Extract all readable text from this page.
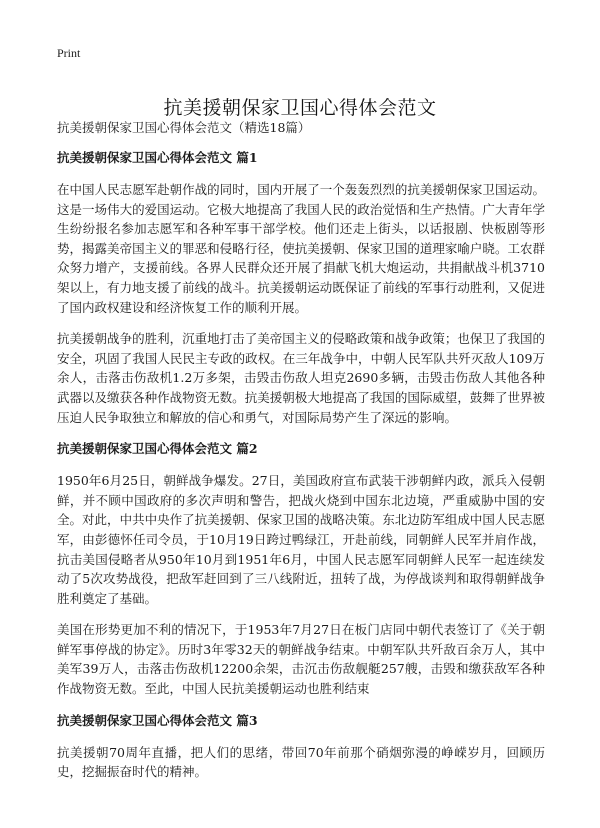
Print
抗美援朝保家卫国心得体会范文

抗美援朝保家卫国心得体会范文（精选18篇）

抗美援朝保家卫国心得体会范文 篇1

在中国人民志愿军赴朝作战的同时，国内开展了一个轰轰烈烈的抗美援朝保家卫国运动。这是一场伟大的爱国运动。它极大地提高了我国人民的政治觉悟和生产热情。广大青年学生纷纷报名参加志愿军和各种军事干部学校。他们还走上街头，以话报剧、快板剧等形势，揭露美帝国主义的罪恶和侵略行径，使抗美援朝、保家卫国的道理家喻户晓。工农群众努力增产，支援前线。各界人民群众还开展了捐献飞机大炮运动，共捐献战斗机3710架以上，有力地支援了前线的战斗。抗美援朝运动既保证了前线的军事行动胜利，又促进了国内政权建设和经济恢复工作的顺利开展。

抗美援朝战争的胜利，沉重地打击了美帝国主义的侵略政策和战争政策；也保卫了我国的安全，巩固了我国人民民主专政的政权。在三年战争中，中朝人民军队共歼灭敌人109万余人，击落击伤敌机1.2万多架，击毁击伤敌人坦克2690多辆，击毁击伤敌人其他各种武器以及缴获各种作战物资无数。抗美援朝极大地提高了我国的国际威望，鼓舞了世界被压迫人民争取独立和解放的信心和勇气，对国际局势产生了深远的影响。

抗美援朝保家卫国心得体会范文 篇2

1950年6月25日，朝鲜战争爆发。27日，美国政府宣布武装干涉朝鲜内政，派兵入侵朝鲜，并不顾中国政府的多次声明和警告，把战火烧到中国东北边境，严重威胁中国的安全。对此，中共中央作了抗美援朝、保家卫国的战略决策。东北边防军组成中国人民志愿军，由彭德怀任司令员，于10月19日跨过鸭绿江，开赴前线，同朝鲜人民军并肩作战，抗击美国侵略者从950年10月到1951年6月，中国人民志愿军同朝鲜人民军一起连续发动了5次攻势战役，把敌军赶回到了三八线附近，扭转了战，为停战谈判和取得朝鲜战争胜利奠定了基础。

美国在形势更加不利的情况下，于1953年7月27日在板门店同中朝代表签订了《关于朝鲜军事停战的协定》。历时3年零32天的朝鲜战争结束。中朝军队共歼敌百余万人，其中美军39万人，击落击伤敌机12200余架，击沉击伤敌舰艇257艘，击毁和缴获敌军各种作战物资无数。至此，中国人民抗美援朝运动也胜利结束

抗美援朝保家卫国心得体会范文 篇3

抗美援朝70周年直播，把人们的思绪，带回70年前那个硝烟弥漫的峥嵘岁月，回顾历史，挖掘振奋时代的精神。
